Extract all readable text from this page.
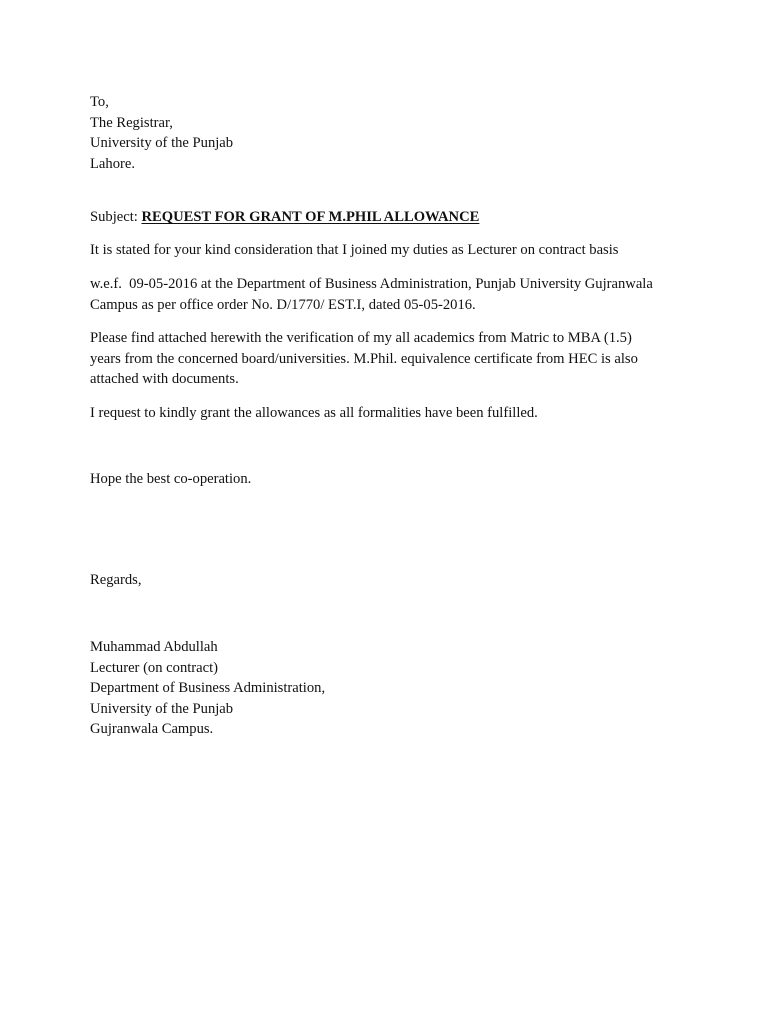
To,
The Registrar,
University of the Punjab
Lahore.
Subject: REQUEST FOR GRANT OF M.PHIL ALLOWANCE
It is stated for your kind consideration that I joined my duties as Lecturer on contract basis
w.e.f.  09-05-2016 at the Department of Business Administration, Punjab University Gujranwala
Campus as per office order No. D/1770/ EST.I, dated 05-05-2016.
Please find attached herewith the verification of my all academics from Matric to MBA (1.5)
years from the concerned board/universities. M.Phil. equivalence certificate from HEC is also
attached with documents.
I request to kindly grant the allowances as all formalities have been fulfilled.
Hope the best co-operation.
Regards,
Muhammad Abdullah
Lecturer (on contract)
Department of Business Administration,
University of the Punjab
Gujranwala Campus.
